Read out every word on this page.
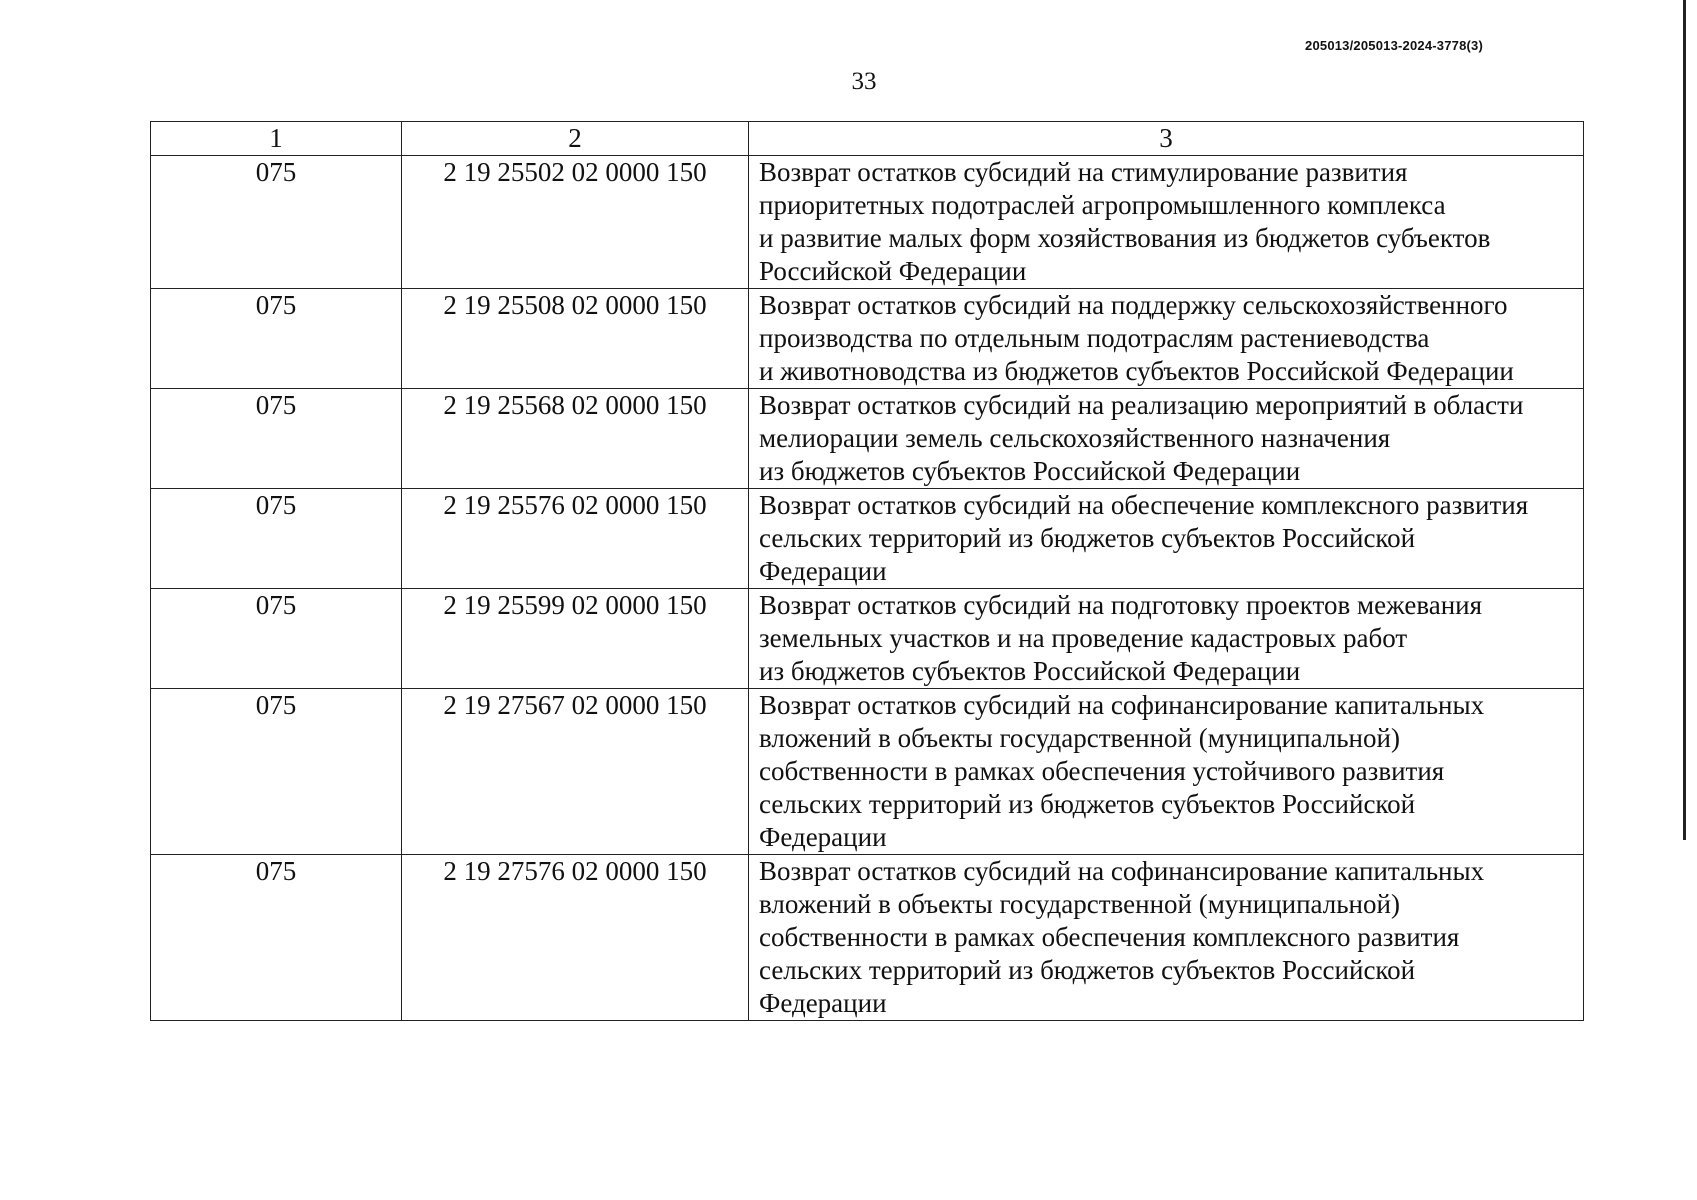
205013/205013-2024-3778(3)
33
1	2	3
075	2 19 25502 02 0000 150	Возврат остатков субсидий на стимулирование развития
приоритетных подотраслей агропромышленного комплекса
и развитие малых форм хозяйствования из бюджетов субъектов
Российской Федерации

075	2 19 25508 02 0000 150	Возврат остатков субсидий на поддержку сельскохозяйственного
производства по отдельным подотраслям растениеводства
и животноводства из бюджетов субъектов Российской Федерации

075	2 19 25568 02 0000 150	Возврат остатков субсидий на реализацию мероприятий в области
мелиорации земель сельскохозяйственного назначения
из бюджетов субъектов Российской Федерации

075	2 19 25576 02 0000 150	Возврат остатков субсидий на обеспечение комплексного развития
сельских территорий из бюджетов субъектов Российской
Федерации

075	2 19 25599 02 0000 150	Возврат остатков субсидий на подготовку проектов межевания
земельных участков и на проведение кадастровых работ
из бюджетов субъектов Российской Федерации

075	2 19 27567 02 0000 150	Возврат остатков субсидий на софинансирование капитальных
вложений в объекты государственной (муниципальной)
собственности в рамках обеспечения устойчивого развития
сельских территорий из бюджетов субъектов Российской
Федерации

075	2 19 27576 02 0000 150	Возврат остатков субсидий на софинансирование капитальных
вложений в объекты государственной (муниципальной)
собственности в рамках обеспечения комплексного развития
сельских территорий из бюджетов субъектов Российской
Федерации
